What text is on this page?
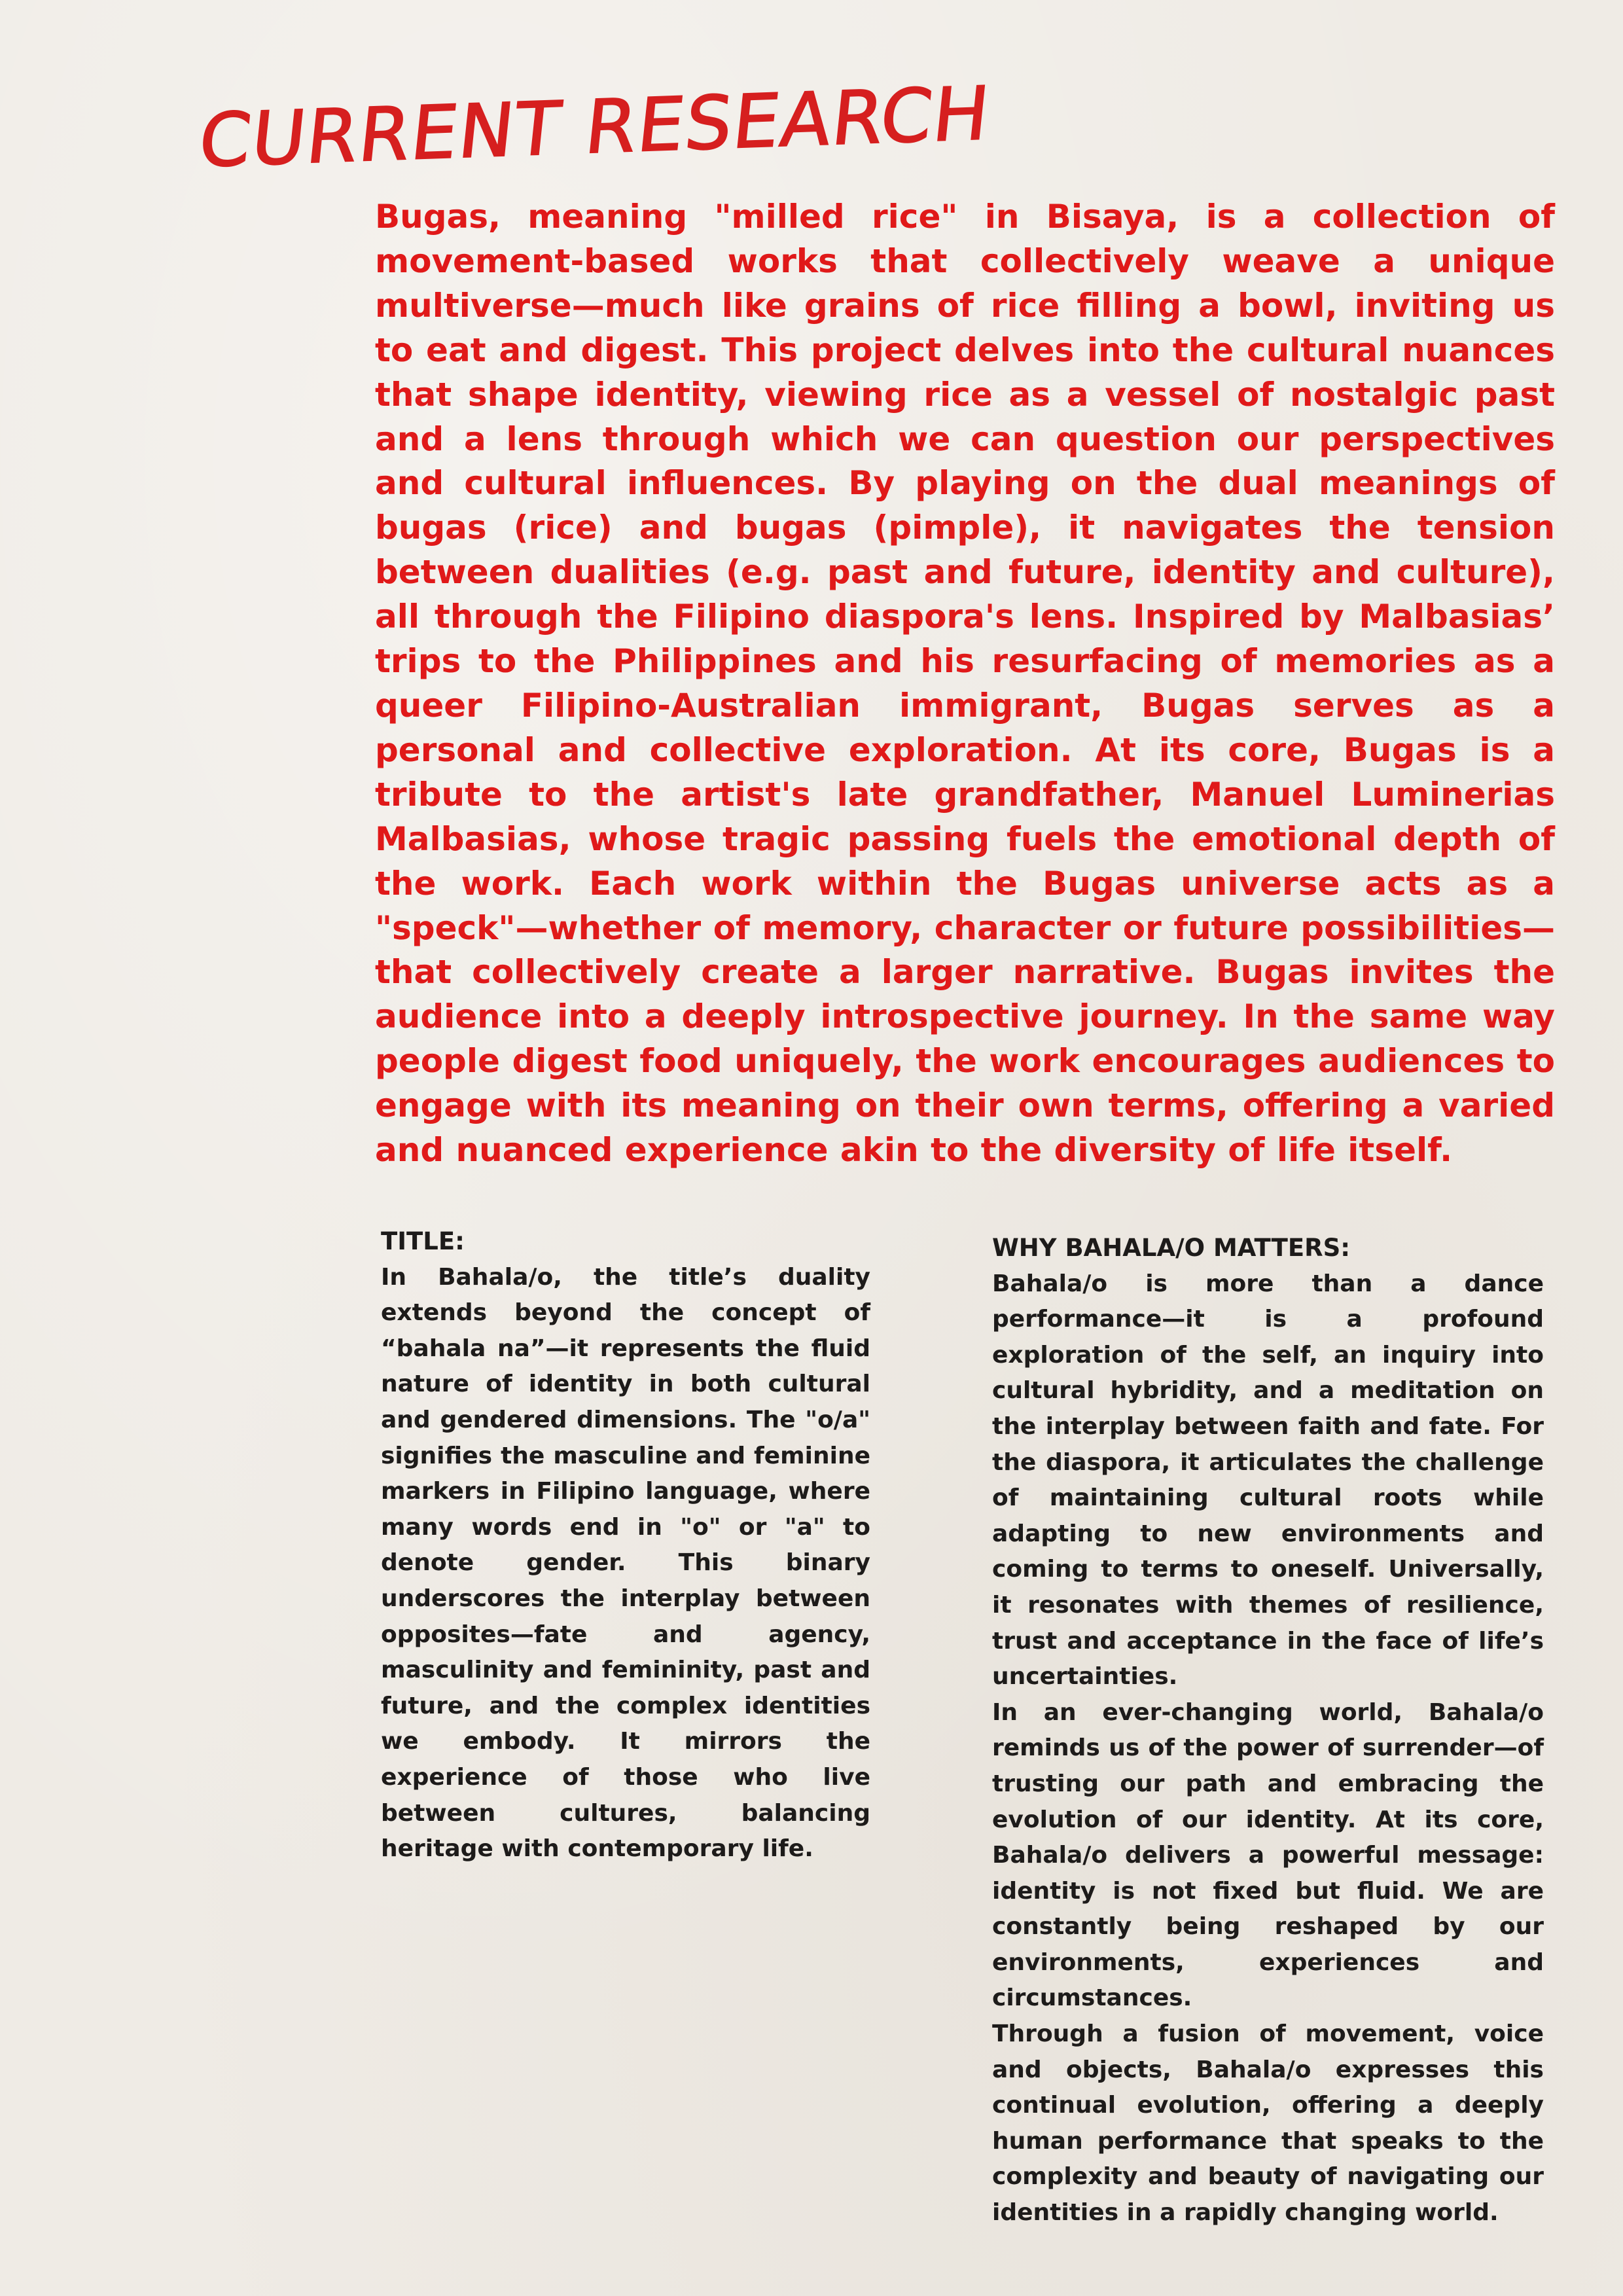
CURRENT RESEARCH

Bugas, meaning "milled rice" in Bisaya, is a collection of movement-based works that collectively weave a unique multiverse—much like grains of rice filling a bowl, inviting us to eat and digest. This project delves into the cultural nuances that shape identity, viewing rice as a vessel of nostalgic past and a lens through which we can question our perspectives and cultural influences. By playing on the dual meanings of bugas (rice) and bugas (pimple), it navigates the tension between dualities (e.g. past and future, identity and culture), all through the Filipino diaspora's lens. Inspired by Malbasias’ trips to the Philippines and his resurfacing of memories as a queer Filipino-Australian immigrant, Bugas serves as a personal and collective exploration. At its core, Bugas is a tribute to the artist's late grandfather, Manuel Luminerias Malbasias, whose tragic passing fuels the emotional depth of the work. Each work within the Bugas universe acts as a "speck"—whether of memory, character or future possibilities—that collectively create a larger narrative. Bugas invites the audience into a deeply introspective journey. In the same way people digest food uniquely, the work encourages audiences to engage with its meaning on their own terms, offering a varied and nuanced experience akin to the diversity of life itself.

TITLE:

In Bahala/o, the title’s duality extends beyond the concept of “bahala na”—it represents the fluid nature of identity in both cultural and gendered dimensions. The "o/a" signifies the masculine and feminine markers in Filipino language, where many words end in "o" or "a" to denote gender. This binary underscores the interplay between opposites—fate and agency, masculinity and femininity, past and future, and the complex identities we embody. It mirrors the experience of those who live between cultures, balancing heritage with contemporary life.

WHY BAHALA/O MATTERS:

Bahala/o is more than a dance performance—it is a profound exploration of the self, an inquiry into cultural hybridity, and a meditation on the interplay between faith and fate. For the diaspora, it articulates the challenge of maintaining cultural roots while adapting to new environments and coming to terms to oneself. Universally, it resonates with themes of resilience, trust and acceptance in the face of life’s uncertainties.

In an ever-changing world, Bahala/o reminds us of the power of surrender—of trusting our path and embracing the evolution of our identity. At its core, Bahala/o delivers a powerful message: identity is not fixed but fluid. We are constantly being reshaped by our environments, experiences and circumstances.

Through a fusion of movement, voice and objects, Bahala/o expresses this continual evolution, offering a deeply human performance that speaks to the complexity and beauty of navigating our identities in a rapidly changing world.
